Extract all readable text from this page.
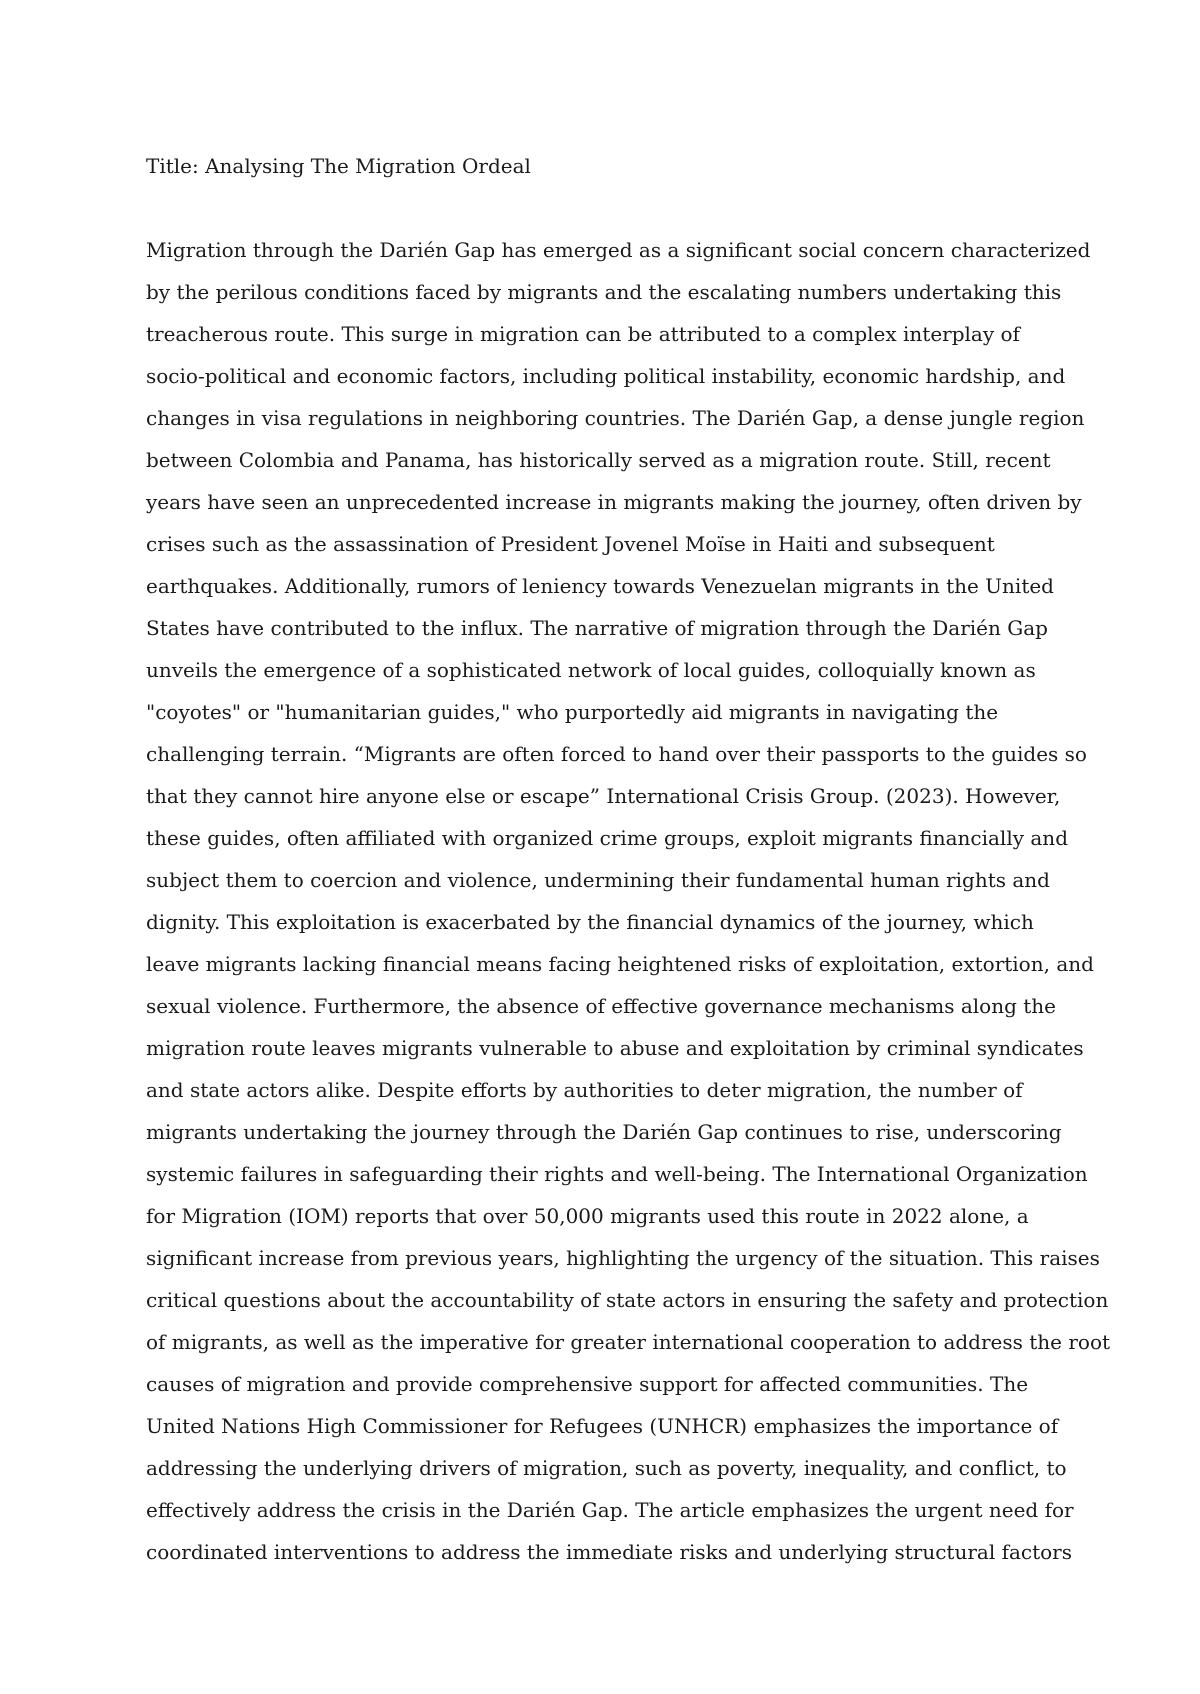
Title: Analysing The Migration Ordeal
Migration through the Darién Gap has emerged as a significant social concern characterized
by the perilous conditions faced by migrants and the escalating numbers undertaking this
treacherous route. This surge in migration can be attributed to a complex interplay of
socio-political and economic factors, including political instability, economic hardship, and
changes in visa regulations in neighboring countries. The Darién Gap, a dense jungle region
between Colombia and Panama, has historically served as a migration route. Still, recent
years have seen an unprecedented increase in migrants making the journey, often driven by
crises such as the assassination of President Jovenel Moïse in Haiti and subsequent
earthquakes. Additionally, rumors of leniency towards Venezuelan migrants in the United
States have contributed to the influx. The narrative of migration through the Darién Gap
unveils the emergence of a sophisticated network of local guides, colloquially known as
"coyotes" or "humanitarian guides," who purportedly aid migrants in navigating the
challenging terrain. “Migrants are often forced to hand over their passports to the guides so
that they cannot hire anyone else or escape” International Crisis Group. (2023). However,
these guides, often affiliated with organized crime groups, exploit migrants financially and
subject them to coercion and violence, undermining their fundamental human rights and
dignity. This exploitation is exacerbated by the financial dynamics of the journey, which
leave migrants lacking financial means facing heightened risks of exploitation, extortion, and
sexual violence. Furthermore, the absence of effective governance mechanisms along the
migration route leaves migrants vulnerable to abuse and exploitation by criminal syndicates
and state actors alike. Despite efforts by authorities to deter migration, the number of
migrants undertaking the journey through the Darién Gap continues to rise, underscoring
systemic failures in safeguarding their rights and well-being. The International Organization
for Migration (IOM) reports that over 50,000 migrants used this route in 2022 alone, a
significant increase from previous years, highlighting the urgency of the situation. This raises
critical questions about the accountability of state actors in ensuring the safety and protection
of migrants, as well as the imperative for greater international cooperation to address the root
causes of migration and provide comprehensive support for affected communities. The
United Nations High Commissioner for Refugees (UNHCR) emphasizes the importance of
addressing the underlying drivers of migration, such as poverty, inequality, and conflict, to
effectively address the crisis in the Darién Gap. The article emphasizes the urgent need for
coordinated interventions to address the immediate risks and underlying structural factors
